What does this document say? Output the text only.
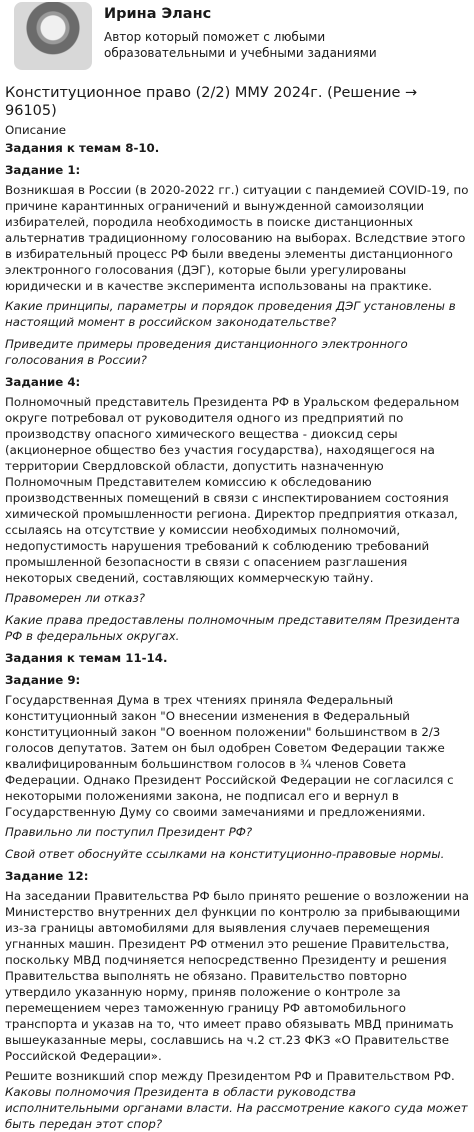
Ирина Эланс
Автор который поможет с любыми образовательными и учебными заданиями
Конституционное право (2/2) ММУ 2024г. (Решение → 96105)
Описание
Задания к темам 8-10.
Задание 1:
Возникшая в России (в 2020-2022 гг.) ситуации с пандемией COVID-19, по причине карантинных ограничений и вынужденной самоизоляции избирателей, породила необходимость в поиске дистанционных альтернатив традиционному голосованию на выборах. Вследствие этого в избирательный процесс РФ были введены элементы дистанционного электронного голосования (ДЭГ), которые были урегулированы юридически и в качестве эксперимента использованы на практике.
Какие принципы, параметры и порядок проведения ДЭГ установлены в настоящий момент в российском законодательстве?
Приведите примеры проведения дистанционного электронного голосования в России?
Задание 4:
Полномочный представитель Президента РФ в Уральском федеральном округе потребовал от руководителя одного из предприятий по производству опасного химического вещества - диоксид серы (акционерное общество без участия государства), находящегося на территории Свердловской области, допустить назначенную Полномочным Представителем комиссию к обследованию производственных помещений в связи с инспектированием состояния химической промышленности региона. Директор предприятия отказал, ссылаясь на отсутствие у комиссии необходимых полномочий, недопустимость нарушения требований к соблюдению требований промышленной безопасности в связи с опасением разглашения некоторых сведений, составляющих коммерческую тайну.
Правомерен ли отказ?
Какие права предоставлены полномочным представителям Президента РФ в федеральных округах.
Задания к темам 11-14.
Задание 9:
Государственная Дума в трех чтениях приняла Федеральный конституционный закон "О внесении изменения в Федеральный конституционный закон "О военном положении" большинством в 2/3 голосов депутатов. Затем он был одобрен Советом Федерации также квалифицированным большинством голосов в ¾ членов Совета Федерации. Однако Президент Российской Федерации не согласился с некоторыми положениями закона, не подписал его и вернул в Государственную Думу со своими замечаниями и предложениями.
Правильно ли поступил Президент РФ?
Свой ответ обоснуйте ссылками на конституционно-правовые нормы.
Задание 12:
На заседании Правительства РФ было принято решение о возложении на Министерство внутренних дел функции по контролю за прибывающими из-за границы автомобилями для выявления случаев перемещения угнанных машин. Президент РФ отменил это решение Правительства, поскольку МВД подчиняется непосредственно Президенту и решения Правительства выполнять не обязано. Правительство повторно утвердило указанную норму, приняв положение о контроле за перемещением через таможенную границу РФ автомобильного транспорта и указав на то, что имеет право обязывать МВД принимать вышеуказанные меры, сославшись на ч.2 ст.23 ФКЗ «О Правительстве Российской Федерации».
Решите возникший спор между Президентом РФ и Правительством РФ. Каковы полномочия Президента в области руководства исполнительными органами власти. На рассмотрение какого суда может быть передан этот спор?
